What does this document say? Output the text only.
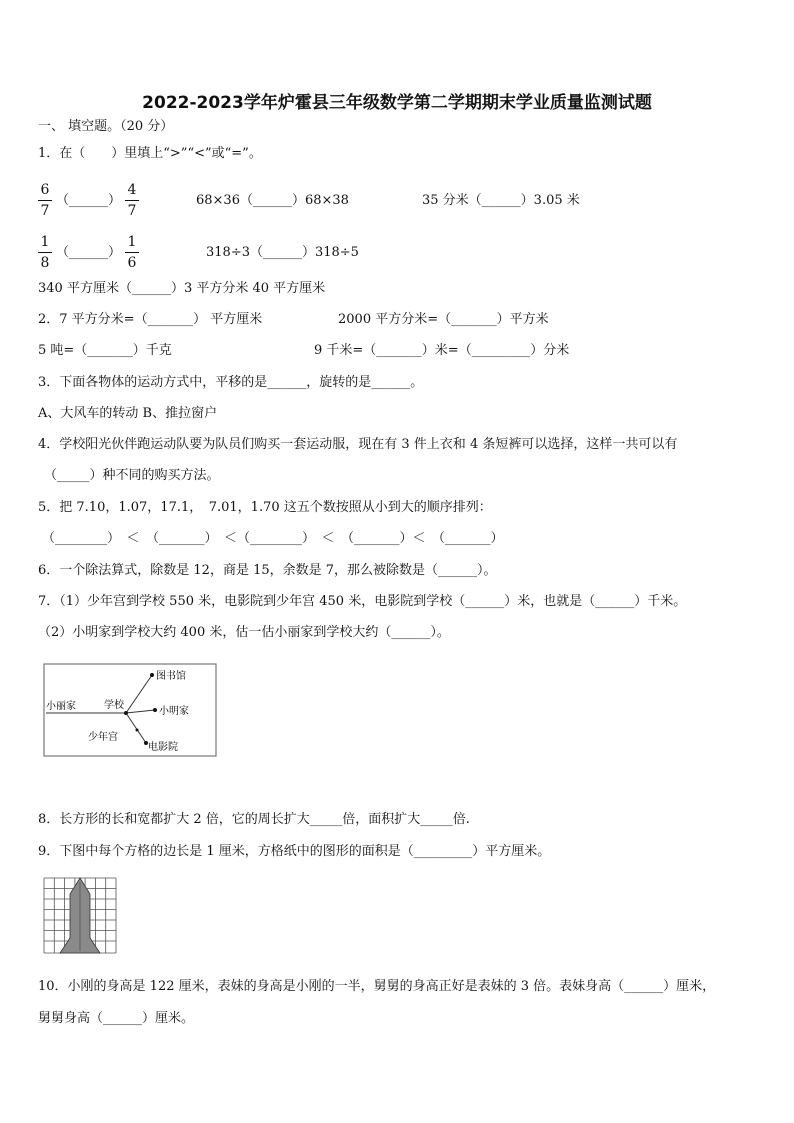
2022-2023学年炉霍县三年级数学第二学期期末学业质量监测试题
一、 填空题。（20 分）
1．在（　　）里填上“>”“<”或“=”。
6
7
（______）
4
7
68×36（______）68×38	35 分米（______）3.05 米
1
8
（______）
1
6
318÷3（______）318÷5
340 平方厘米（______）3 平方分米 40 平方厘米
2．7 平方分米=（_______） 平方厘米	2000 平方分米=（_______）平方米
5 吨=（_______）千克	9 千米=（_______）米=（_________）分米
3．下面各物体的运动方式中，平移的是______，旋转的是______。
A、大风车的转动 B、推拉窗户
4．学校阳光伙伴跑运动队要为队员们购买一套运动服，现在有 3 件上衣和 4 条短裤可以选择，这样一共可以有
（_____）种不同的购买方法。
5．把 7.10，1.07，17.1，　7.01，1.70 这五个数按照从小到大的顺序排列：
（________）　＜　（_______）　＜（________）　＜　（_______）＜　（_______）
6．一个除法算式，除数是 12，商是 15，余数是 7，那么被除数是（______）。
7．（1）少年宫到学校 550 米，电影院到少年宫 450 米，电影院到学校（______）米，也就是（______）千米。
（2）小明家到学校大约 400 米，估一估小丽家到学校大约（______）。
图书馆
小丽家	学校
小明家
少年宫
电影院
8．长方形的长和宽都扩大 2 倍，它的周长扩大_____倍，面积扩大_____倍.
9．下图中每个方格的边长是 1 厘米，方格纸中的图形的面积是（_________）平方厘米。
10．小刚的身高是 122 厘米，表妹的身高是小刚的一半，舅舅的身高正好是表妹的 3 倍。表妹身高（______）厘米，
舅舅身高（______）厘米。
